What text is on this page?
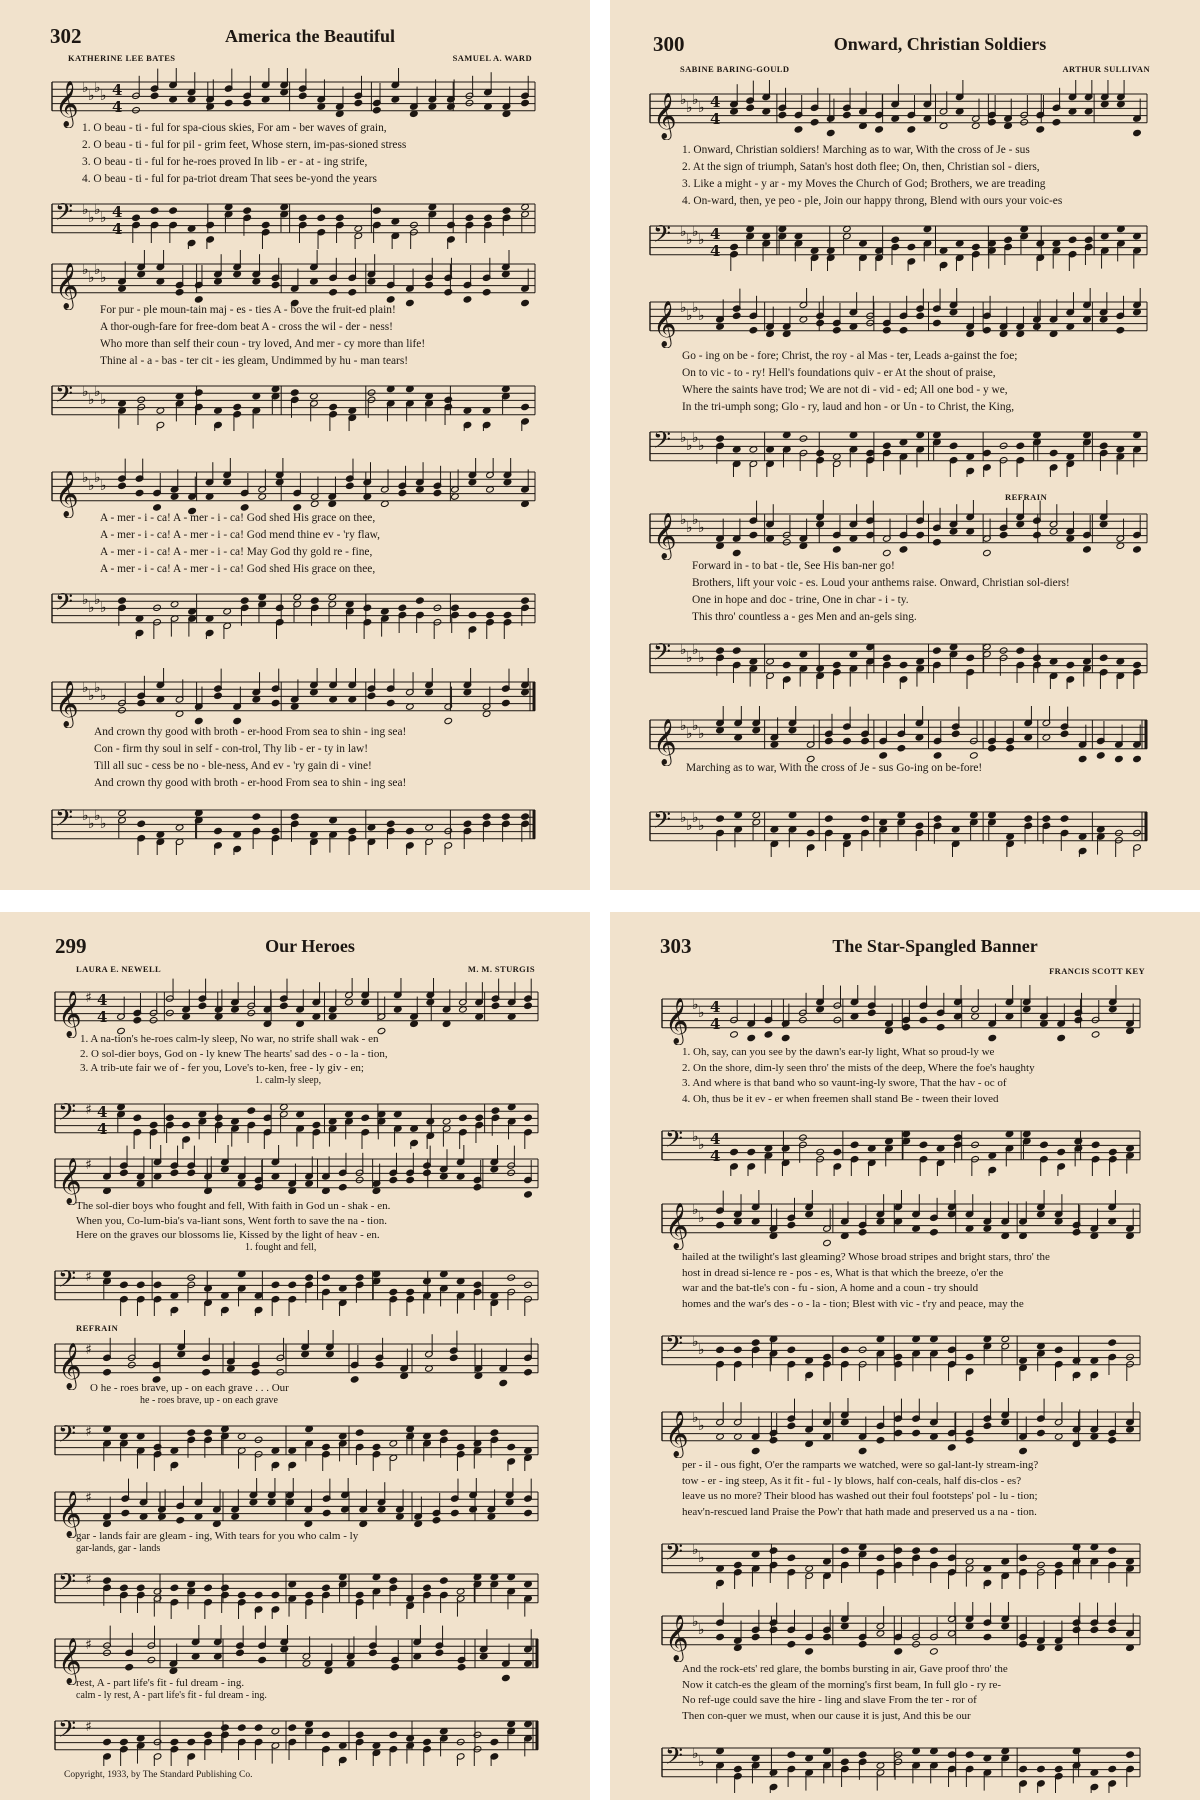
302	America the Beautiful
KATHERINE LEE BATES	SAMUEL A. WARD
𝄞 ♭ ♭ ♭ ♭ 4
4
1. O beau - ti - ful for spa-cious skies, For am - ber waves of grain,
2. O beau - ti - ful for pil - grim feet, Whose stern, im-pas-sioned stress
3. O beau - ti - ful for he-roes proved In lib - er - at - ing strife,
4. O beau - ti - ful for pa-triot dream That sees be-yond the years
𝄢 ♭ ♭ ♭ ♭ 4
4
𝄞 ♭ ♭ ♭ ♭
For pur - ple moun-tain maj - es - ties A - bove the fruit-ed plain!
A thor-ough-fare for free-dom beat A - cross the wil - der - ness!
Who more than self their coun - try loved, And mer - cy more than life!
Thine al - a - bas - ter cit - ies gleam, Undimmed by hu - man tears!
𝄢 ♭ ♭ ♭ ♭
𝄞 ♭ ♭ ♭ ♭
A - mer - i - ca! A - mer - i - ca! God shed His grace on thee,
A - mer - i - ca! A - mer - i - ca! God mend thine ev - 'ry flaw,
A - mer - i - ca! A - mer - i - ca! May God thy gold re - fine,
A - mer - i - ca! A - mer - i - ca! God shed His grace on thee,
𝄢 ♭ ♭ ♭ ♭
𝄞 ♭ ♭ ♭ ♭
And crown thy good with broth - er-hood From sea to shin - ing sea!
Con - firm thy soul in self - con-trol, Thy lib - er - ty in law!
Till all suc - cess be no - ble-ness, And ev - 'ry gain di - vine!
And crown thy good with broth - er-hood From sea to shin - ing sea!
𝄢 ♭ ♭ ♭ ♭
300	Onward, Christian Soldiers
SABINE BARING-GOULD	ARTHUR SULLIVAN
𝄞 ♭ ♭ ♭ ♭ 4
4
1. Onward, Christian soldiers! Marching as to war, With the cross of Je - sus
2. At the sign of triumph, Satan's host doth flee; On, then, Christian sol - diers,
3. Like a might - y ar - my Moves the Church of God; Brothers, we are treading
4. On-ward, then, ye peo - ple, Join our happy throng, Blend with ours your voic-es
𝄢 ♭ ♭ ♭ ♭ 4
4
𝄞 ♭ ♭ ♭ ♭
Go - ing on be - fore; Christ, the roy - al Mas - ter, Leads a-gainst the foe;
On to vic - to - ry! Hell's foundations quiv - er At the shout of praise,
Where the saints have trod; We are not di - vid - ed; All one bod - y we,
In the tri-umph song; Glo - ry, laud and hon - or Un - to Christ, the King,
𝄢 ♭ ♭ ♭ ♭
REFRAIN
𝄞 ♭ ♭ ♭ ♭
Forward in - to bat - tle, See His ban-ner go!
Brothers, lift your voic - es. Loud your anthems raise. Onward, Christian sol-diers!
One in hope and doc - trine, One in char - i - ty.
This thro' countless a - ges Men and an-gels sing.
𝄢 ♭ ♭ ♭ ♭
𝄞 ♭ ♭ ♭ ♭
Marching as to war, With the cross of Je - sus Go-ing on be-fore!
𝄢 ♭ ♭ ♭ ♭
299	Our Heroes
LAURA E. NEWELL	M. M. STURGIS
𝄞 ♯ 4
4
1. A na-tion's he-roes calm-ly sleep, No war, no strife shall wak - en
2. O sol-dier boys, God on - ly knew The hearts' sad des - o - la - tion,
3. A trib-ute fair we of - fer you, Love's to-ken, free - ly giv - en;
1. calm-ly sleep,
𝄢 ♯ 4
4
𝄞 ♯
The sol-dier boys who fought and fell, With faith in God un - shak - en.
When you, Co-lum-bia's va-liant sons, Went forth to save the na - tion.
Here on the graves our blossoms lie, Kissed by the light of heav - en.
1. fought and fell,
𝄢 ♯
REFRAIN
𝄞 ♯
O he - roes brave, up - on each grave . . . Our
he - roes brave, up - on each grave
𝄢 ♯
𝄞 ♯
gar - lands fair are gleam - ing, With tears for you who calm - ly
gar-lands, gar - lands
𝄢 ♯
𝄞 ♯
rest, A - part life's fit - ful dream - ing.
calm - ly rest, A - part life's fit - ful dream - ing.
𝄢 ♯
Copyright, 1933, by The Standard Publishing Co.
303	The Star-Spangled Banner
FRANCIS SCOTT KEY
𝄞 ♭ ♭ 4
4
1. Oh, say, can you see by the dawn's ear-ly light, What so proud-ly we
2. On the shore, dim-ly seen thro' the mists of the deep, Where the foe's haughty
3. And where is that band who so vaunt-ing-ly swore, That the hav - oc of
4. Oh, thus be it ev - er when freemen shall stand Be - tween their loved
𝄢 ♭ ♭ 4
4
𝄞 ♭ ♭
hailed at the twilight's last gleaming? Whose broad stripes and bright stars, thro' the
host in dread si-lence re - pos - es, What is that which the breeze, o'er the
war and the bat-tle's con - fu - sion, A home and a coun - try should
homes and the war's des - o - la - tion; Blest with vic - t'ry and peace, may the
𝄢 ♭ ♭
𝄞 ♭ ♭
per - il - ous fight, O'er the ramparts we watched, were so gal-lant-ly stream-ing?
tow - er - ing steep, As it fit - ful - ly blows, half con-ceals, half dis-clos - es?
leave us no more? Their blood has washed out their foul footsteps' pol - lu - tion;
heav'n-rescued land Praise the Pow'r that hath made and preserved us a na - tion.
𝄢 ♭ ♭
𝄞 ♭ ♭
And the rock-ets' red glare, the bombs bursting in air, Gave proof thro' the
Now it catch-es the gleam of the morning's first beam, In full glo - ry re-
No ref-uge could save the hire - ling and slave From the ter - ror of
Then con-quer we must, when our cause it is just, And this be our
𝄢 ♭ ♭
